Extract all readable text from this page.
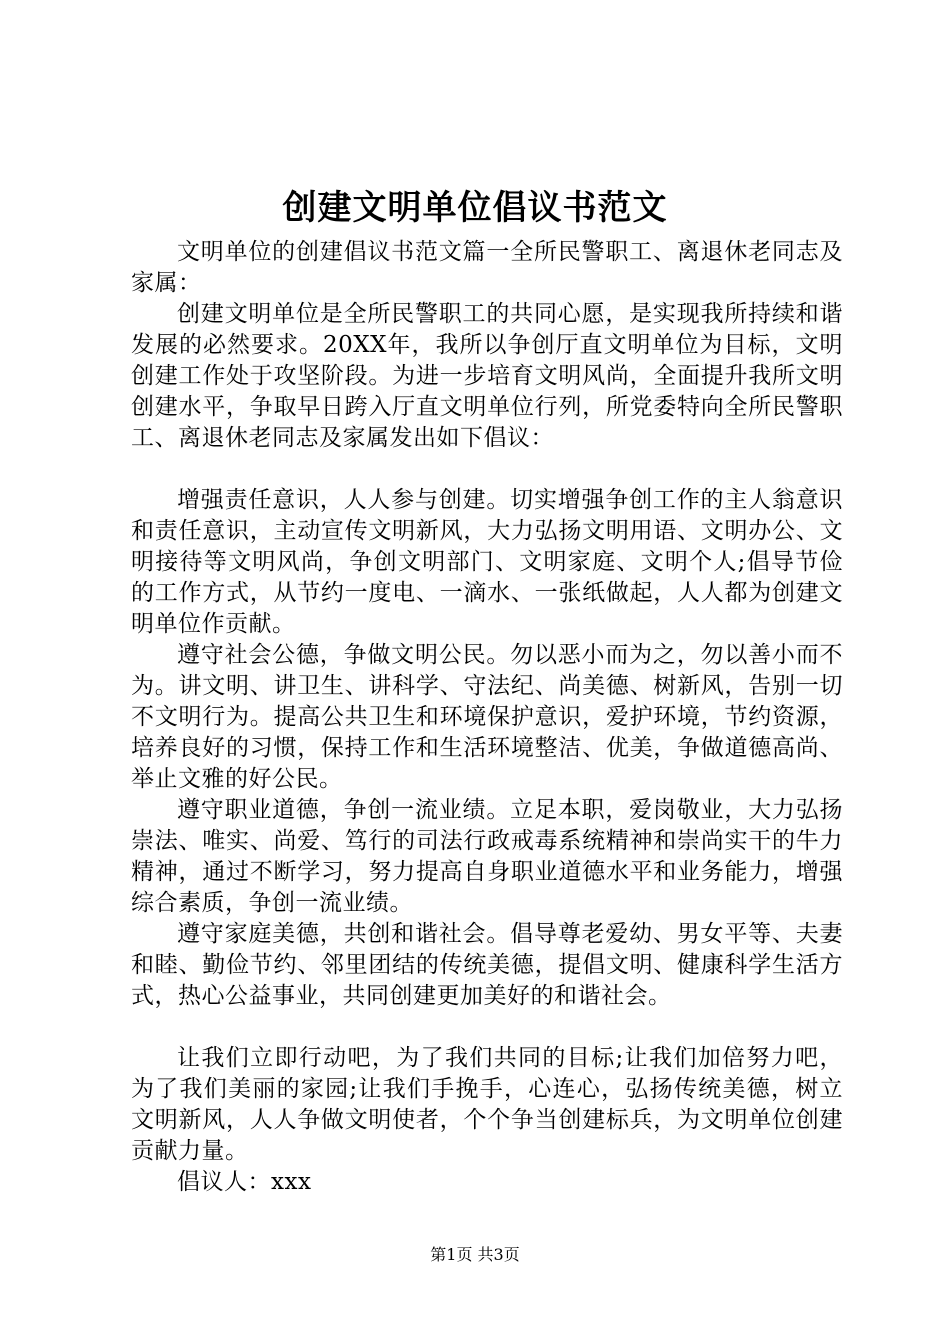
创建文明单位倡议书范文

文明单位的创建倡议书范文篇一全所民警职工、离退休老同志及家属：

创建文明单位是全所民警职工的共同心愿，是实现我所持续和谐发展的必然要求。20XX年，我所以争创厅直文明单位为目标，文明创建工作处于攻坚阶段。为进一步培育文明风尚，全面提升我所文明创建水平，争取早日跨入厅直文明单位行列，所党委特向全所民警职工、离退休老同志及家属发出如下倡议：

增强责任意识，人人参与创建。切实增强争创工作的主人翁意识和责任意识，主动宣传文明新风，大力弘扬文明用语、文明办公、文明接待等文明风尚，争创文明部门、文明家庭、文明个人;倡导节俭的工作方式，从节约一度电、一滴水、一张纸做起，人人都为创建文明单位作贡献。

遵守社会公德，争做文明公民。勿以恶小而为之，勿以善小而不为。讲文明、讲卫生、讲科学、守法纪、尚美德、树新风，告别一切不文明行为。提高公共卫生和环境保护意识，爱护环境，节约资源，培养良好的习惯，保持工作和生活环境整洁、优美，争做道德高尚、举止文雅的好公民。

遵守职业道德，争创一流业绩。立足本职，爱岗敬业，大力弘扬崇法、唯实、尚爱、笃行的司法行政戒毒系统精神和崇尚实干的牛力精神，通过不断学习，努力提高自身职业道德水平和业务能力，增强综合素质，争创一流业绩。

遵守家庭美德，共创和谐社会。倡导尊老爱幼、男女平等、夫妻和睦、勤俭节约、邻里团结的传统美德，提倡文明、健康科学生活方式，热心公益事业，共同创建更加美好的和谐社会。

让我们立即行动吧，为了我们共同的目标;让我们加倍努力吧，为了我们美丽的家园;让我们手挽手，心连心，弘扬传统美德，树立文明新风，人人争做文明使者，个个争当创建标兵，为文明单位创建贡献力量。

倡议人：xxx

第1页 共3页
